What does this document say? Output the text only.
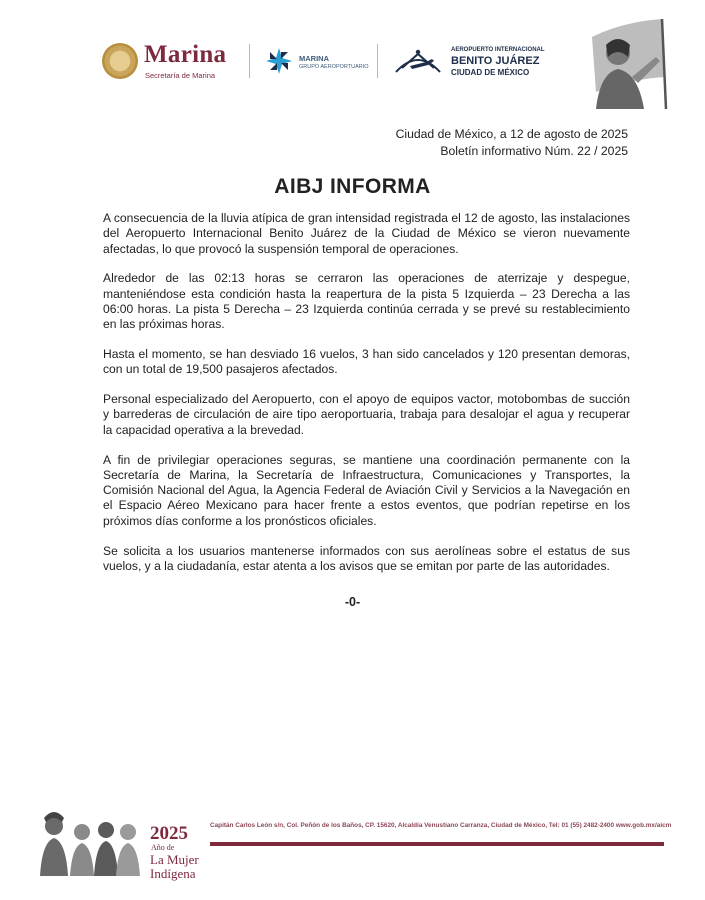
Marina
Secretaría de Marina
MARINA
GRUPO AEROPORTUARIO
AEROPUERTO INTERNACIONAL
BENITO JUÁREZ
CIUDAD DE MÉXICO
Ciudad de México, a 12 de agosto de 2025
Boletín informativo Núm. 22 / 2025
AIBJ INFORMA

A consecuencia de la lluvia atípica de gran intensidad registrada el 12 de agosto, las instalaciones del Aeropuerto Internacional Benito Juárez de la Ciudad de México se vieron nuevamente afectadas, lo que provocó la suspensión temporal de operaciones.

Alrededor de las 02:13 horas se cerraron las operaciones de aterrizaje y despegue, manteniéndose esta condición hasta la reapertura de la pista 5 Izquierda – 23 Derecha a las 06:00 horas. La pista 5 Derecha – 23 Izquierda continúa cerrada y se prevé su restablecimiento en las próximas horas.

Hasta el momento, se han desviado 16 vuelos, 3 han sido cancelados y 120 presentan demoras, con un total de 19,500 pasajeros afectados.

Personal especializado del Aeropuerto, con el apoyo de equipos vactor, motobombas de succión y barrederas de circulación de aire tipo aeroportuaria, trabaja para desalojar el agua y recuperar la capacidad operativa a la brevedad.

A fin de privilegiar operaciones seguras, se mantiene una coordinación permanente con la Secretaría de Marina, la Secretaría de Infraestructura, Comunicaciones y Transportes, la Comisión Nacional del Agua, la Agencia Federal de Aviación Civil y Servicios a la Navegación en el Espacio Aéreo Mexicano para hacer frente a estos eventos, que podrían repetirse en los próximos días conforme a los pronósticos oficiales.

Se solicita a los usuarios mantenerse informados con sus aerolíneas sobre el estatus de sus vuelos, y a la ciudadanía, estar atenta a los avisos que se emitan por parte de las autoridades.

-0-
2025
Año de
La Mujer
Indígena
Capitán Carlos León s/n, Col. Peñón de los Baños, CP. 15620, Alcaldía Venustiano Carranza, Ciudad de México, Tel: 01 (55) 2482-2400 www.gob.mx/aicm
